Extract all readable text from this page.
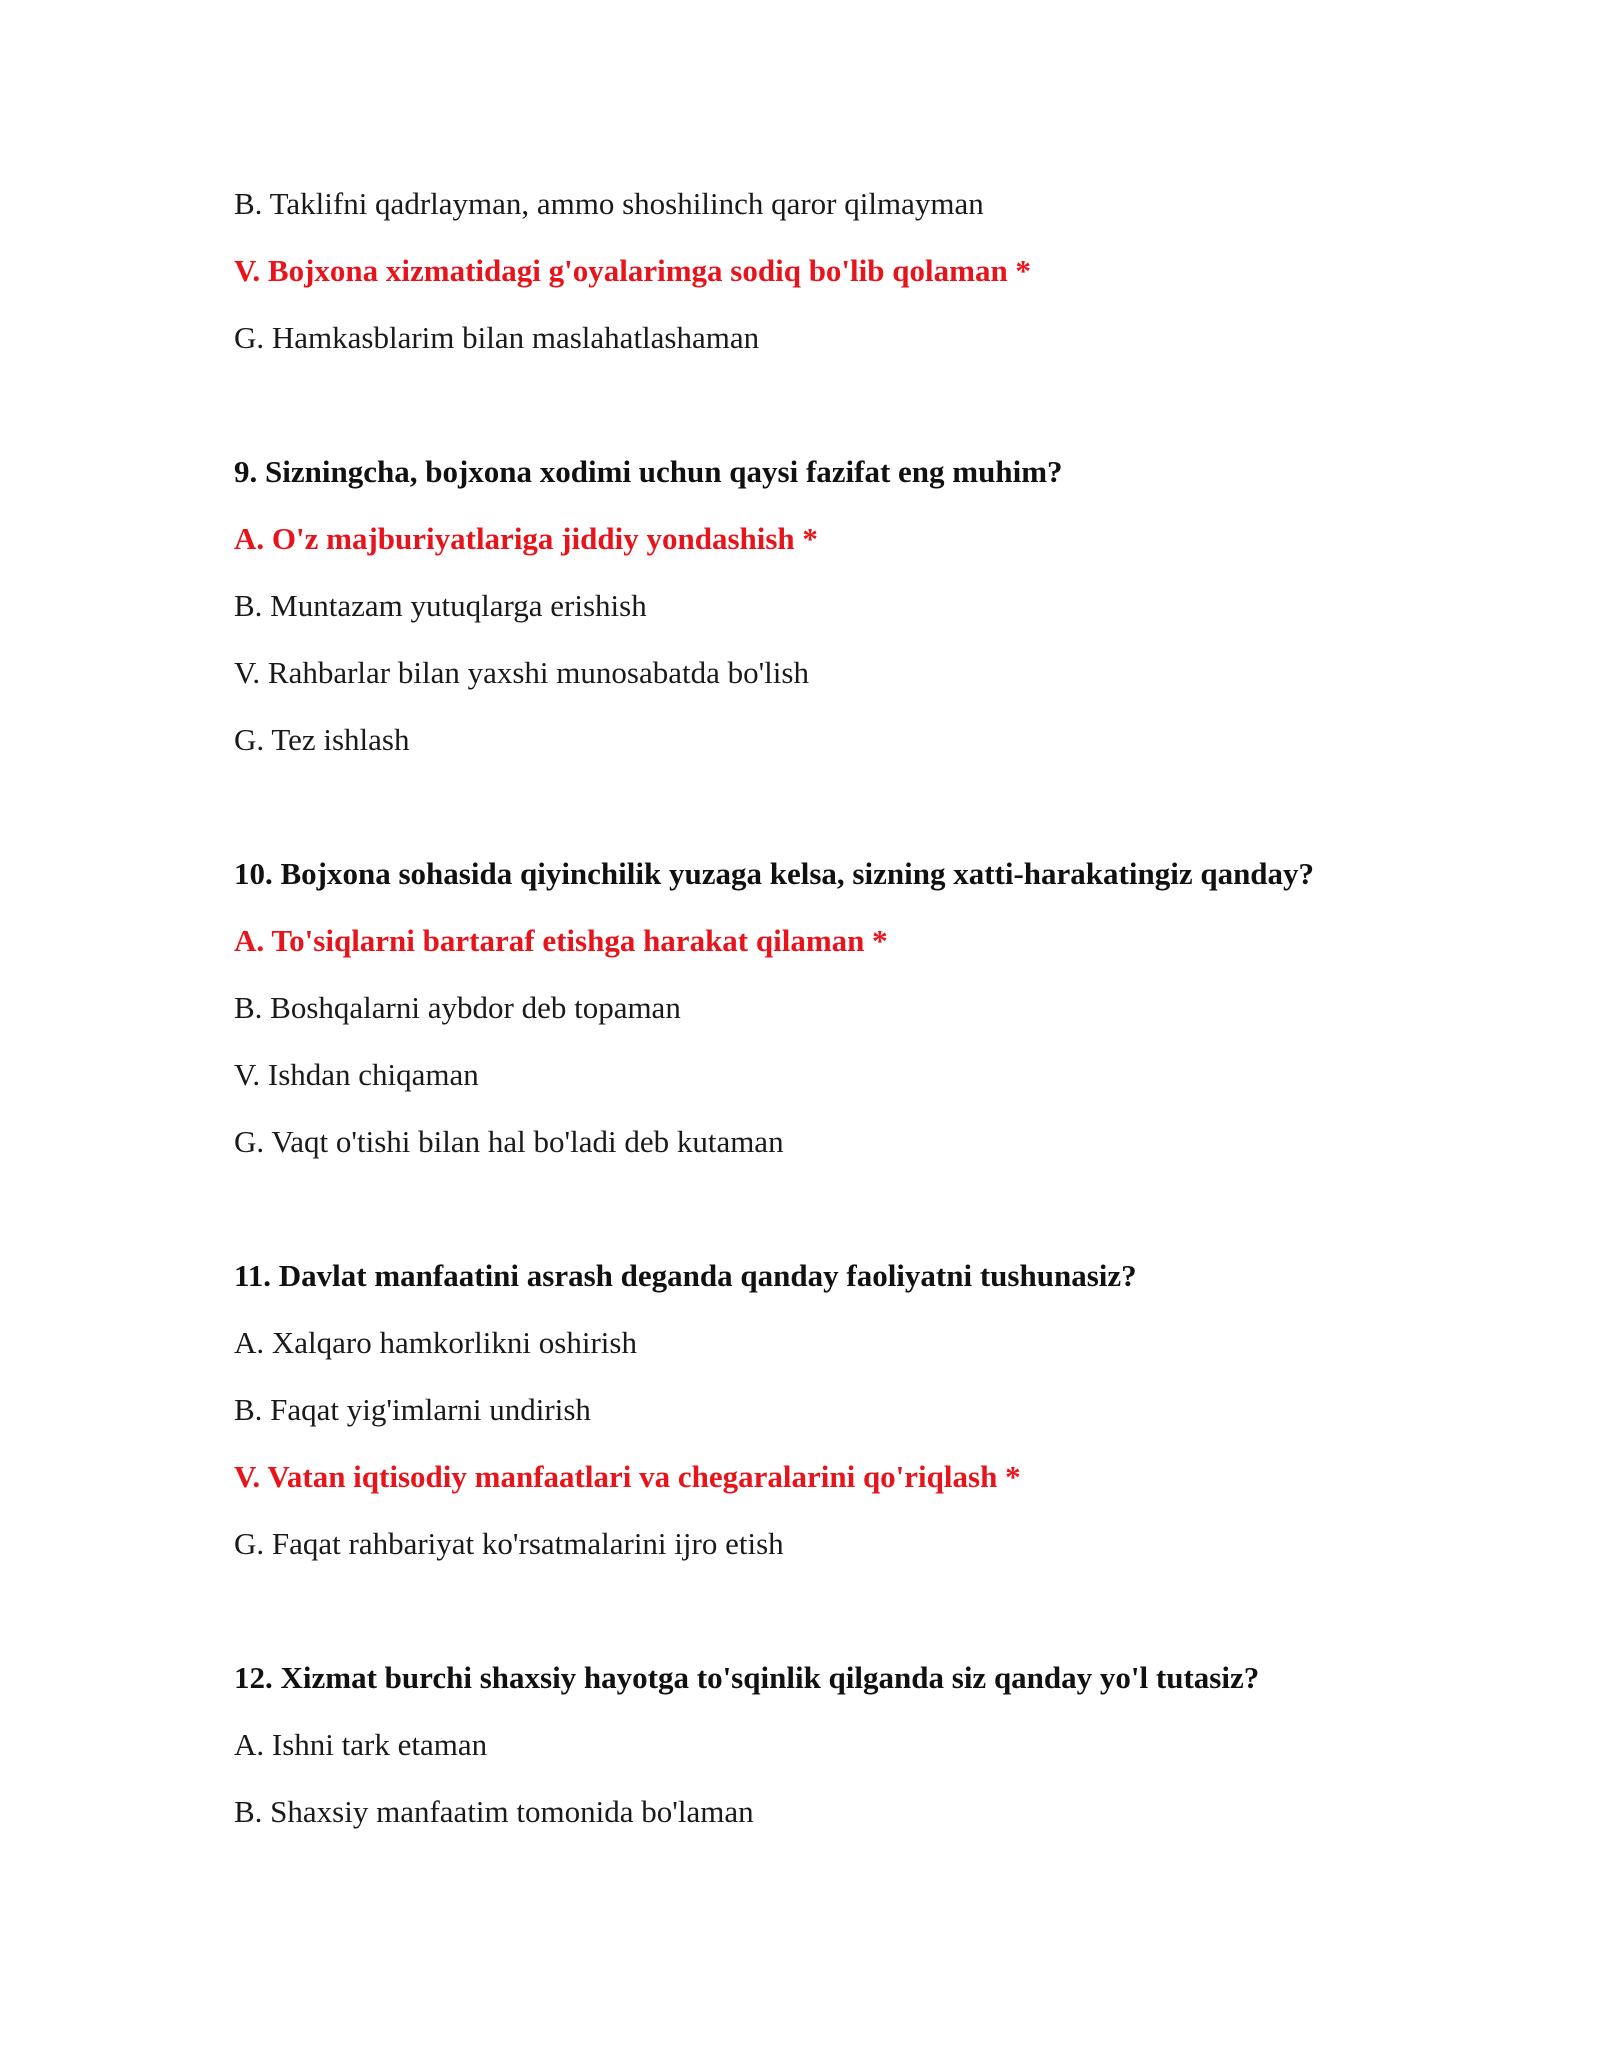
B. Taklifni qadrlayman, ammo shoshilinch qaror qilmayman
V. Bojxona xizmatidagi g'oyalarimga sodiq bo'lib qolaman *
G. Hamkasblarim bilan maslahatlashaman
9. Sizningcha, bojxona xodimi uchun qaysi fazifat eng muhim?
A. O'z majburiyatlariga jiddiy yondashish *
B. Muntazam yutuqlarga erishish
V. Rahbarlar bilan yaxshi munosabatda bo'lish
G. Tez ishlash
10. Bojxona sohasida qiyinchilik yuzaga kelsa, sizning xatti-harakatingiz qanday?
A. To'siqlarni bartaraf etishga harakat qilaman *
B. Boshqalarni aybdor deb topaman
V. Ishdan chiqaman
G. Vaqt o'tishi bilan hal bo'ladi deb kutaman
11. Davlat manfaatini asrash deganda qanday faoliyatni tushunasiz?
A. Xalqaro hamkorlikni oshirish
B. Faqat yig'imlarni undirish
V. Vatan iqtisodiy manfaatlari va chegaralarini qo'riqlash *
G. Faqat rahbariyat ko'rsatmalarini ijro etish
12. Xizmat burchi shaxsiy hayotga to'sqinlik qilganda siz qanday yo'l tutasiz?
A. Ishni tark etaman
B. Shaxsiy manfaatim tomonida bo'laman
